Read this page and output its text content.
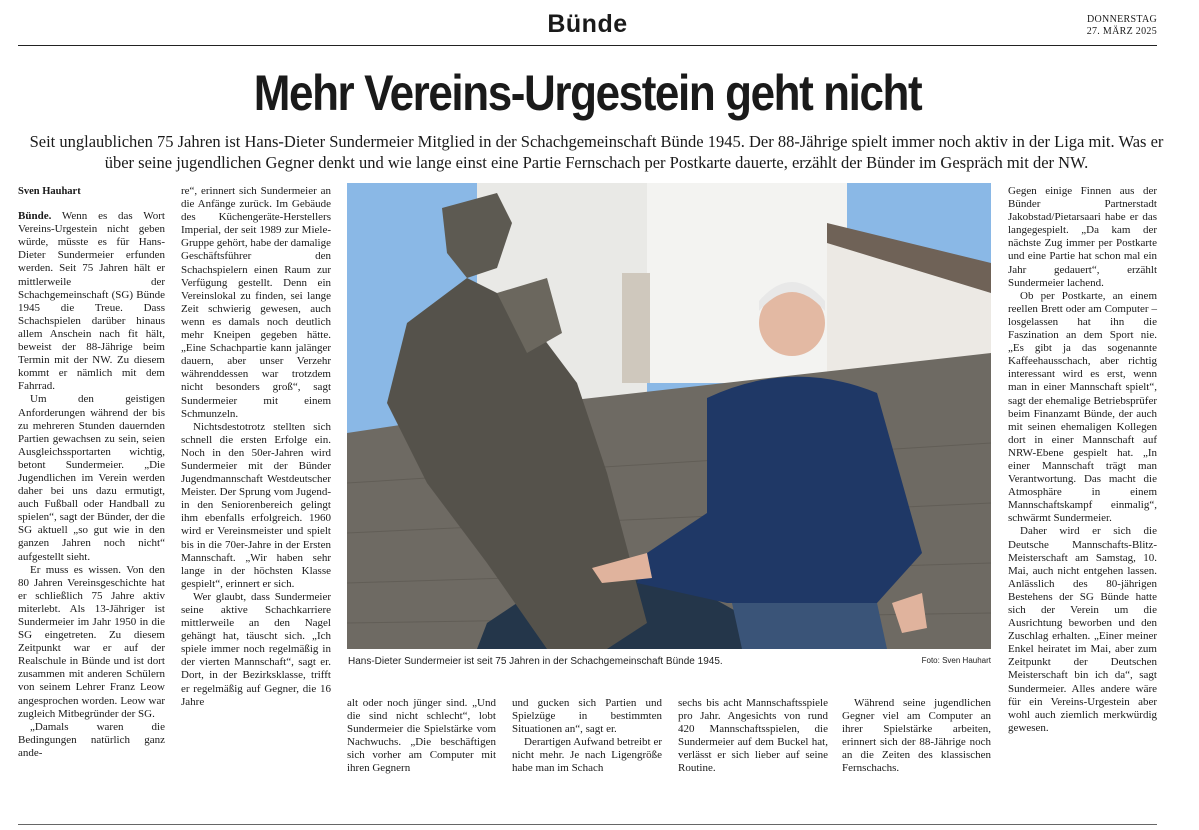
Bünde	DONNERSTAG
27. MÄRZ 2025
Mehr Vereins-Urgestein geht nicht
Seit unglaublichen 75 Jahren ist Hans-Dieter Sundermeier Mitglied in der Schachgemeinschaft Bünde 1945. Der 88-Jährige spielt immer noch aktiv in der Liga mit. Was er über seine jugendlichen Gegner denkt und wie lange einst eine Partie Fernschach per Postkarte dauerte, erzählt der Bünder im Gespräch mit der NW.

Sven Hauhart

Bünde. Wenn es das Wort Vereins-Urgestein nicht geben würde, müsste es für Hans-Dieter Sundermeier erfunden werden. Seit 75 Jahren hält er mittlerweile der Schachgemeinschaft (SG) Bünde 1945 die Treue. Dass Schachspielen darüber hinaus allem Anschein nach fit hält, beweist der 88-Jährige beim Termin mit der NW. Zu diesem kommt er nämlich mit dem Fahrrad.

Um den geistigen Anforderungen während der bis zu mehreren Stunden dauernden Partien gewachsen zu sein, seien Ausgleichssportarten wichtig, betont Sundermeier. „Die Jugendlichen im Verein werden daher bei uns dazu ermutigt, auch Fußball oder Handball zu spielen“, sagt der Bünder, der die SG aktuell „so gut wie in den ganzen Jahren noch nicht“ aufgestellt sieht.

Er muss es wissen. Von den 80 Jahren Vereinsgeschichte hat er schließlich 75 Jahre aktiv miterlebt. Als 13-Jähriger ist Sundermeier im Jahr 1950 in die SG eingetreten. Zu diesem Zeitpunkt war er auf der Realschule in Bünde und ist dort zusammen mit anderen Schülern von seinem Lehrer Franz Leow angesprochen worden. Leow war zugleich Mitbegründer der SG.

„Damals waren die Bedingungen natürlich ganz ande-

re“, erinnert sich Sundermeier an die Anfänge zurück. Im Gebäude des Küchengeräte-Herstellers Imperial, der seit 1989 zur Miele-Gruppe gehört, habe der damalige Geschäftsführer den Schachspielern einen Raum zur Verfügung gestellt. Denn ein Vereinslokal zu finden, sei lange Zeit schwierig gewesen, auch wenn es damals noch deutlich mehr Kneipen gegeben hätte. „Eine Schachpartie kann jalänger dauern, aber unser Verzehr währenddessen war trotzdem nicht besonders groß“, sagt Sundermeier mit einem Schmunzeln.

Nichtsdestotrotz stellten sich schnell die ersten Erfolge ein. Noch in den 50er-Jahren wird Sundermeier mit der Bünder Jugendmannschaft Westdeutscher Meister. Der Sprung vom Jugend- in den Seniorenbereich gelingt ihm ebenfalls erfolgreich. 1960 wird er Vereinsmeister und spielt bis in die 70er-Jahre in der Ersten Mannschaft. „Wir haben sehr lange in der höchsten Klasse gespielt“, erinnert er sich.

Wer glaubt, dass Sundermeier seine aktive Schachkarriere mittlerweile an den Nagel gehängt hat, täuscht sich. „Ich spiele immer noch regelmäßig in der vierten Mannschaft“, sagt er. Dort, in der Bezirksklasse, trifft er regelmäßig auf Gegner, die 16 Jahre

Hans-Dieter Sundermeier ist seit 75 Jahren in der Schachgemeinschaft Bünde 1945.	Foto: Sven Hauhart

alt oder noch jünger sind. „Und die sind nicht schlecht“, lobt Sundermeier die Spielstärke vom Nachwuchs. „Die beschäftigen sich vorher am Computer mit ihren Gegnern

und gucken sich Partien und Spielzüge in bestimmten Situationen an“, sagt er.

Derartigen Aufwand betreibt er nicht mehr. Je nach Ligengröße habe man im Schach

sechs bis acht Mannschaftsspiele pro Jahr. Angesichts von rund 420 Mannschaftsspielen, die Sundermeier auf dem Buckel hat, verlässt er sich lieber auf seine Routine.

Während seine jugendlichen Gegner viel am Computer an ihrer Spielstärke arbeiten, erinnert sich der 88-Jährige noch an die Zeiten des klassischen Fernschachs.

Gegen einige Finnen aus der Bünder Partnerstadt Jakobstad/Pietarsaari habe er das langegespielt. „Da kam der nächste Zug immer per Postkarte und eine Partie hat schon mal ein Jahr gedauert“, erzählt Sundermeier lachend.

Ob per Postkarte, an einem reellen Brett oder am Computer – losgelassen hat ihn die Faszination an dem Sport nie. „Es gibt ja das sogenannte Kaffeehausschach, aber richtig interessant wird es erst, wenn man in einer Mannschaft spielt“, sagt der ehemalige Betriebsprüfer beim Finanzamt Bünde, der auch mit seinen ehemaligen Kollegen dort in einer Mannschaft auf NRW-Ebene gespielt hat. „In einer Mannschaft trägt man Verantwortung. Das macht die Atmosphäre in einem Mannschaftskampf einmalig“, schwärmt Sundermeier.

Daher wird er sich die Deutsche Mannschafts-Blitz-Meisterschaft am Samstag, 10. Mai, auch nicht entgehen lassen. Anlässlich des 80-jährigen Bestehens der SG Bünde hatte sich der Verein um die Ausrichtung beworben und den Zuschlag erhalten. „Einer meiner Enkel heiratet im Mai, aber zum Zeitpunkt der Deutschen Meisterschaft bin ich da“, sagt Sundermeier. Alles andere wäre für ein Vereins-Urgestein aber wohl auch ziemlich merkwürdig gewesen.
